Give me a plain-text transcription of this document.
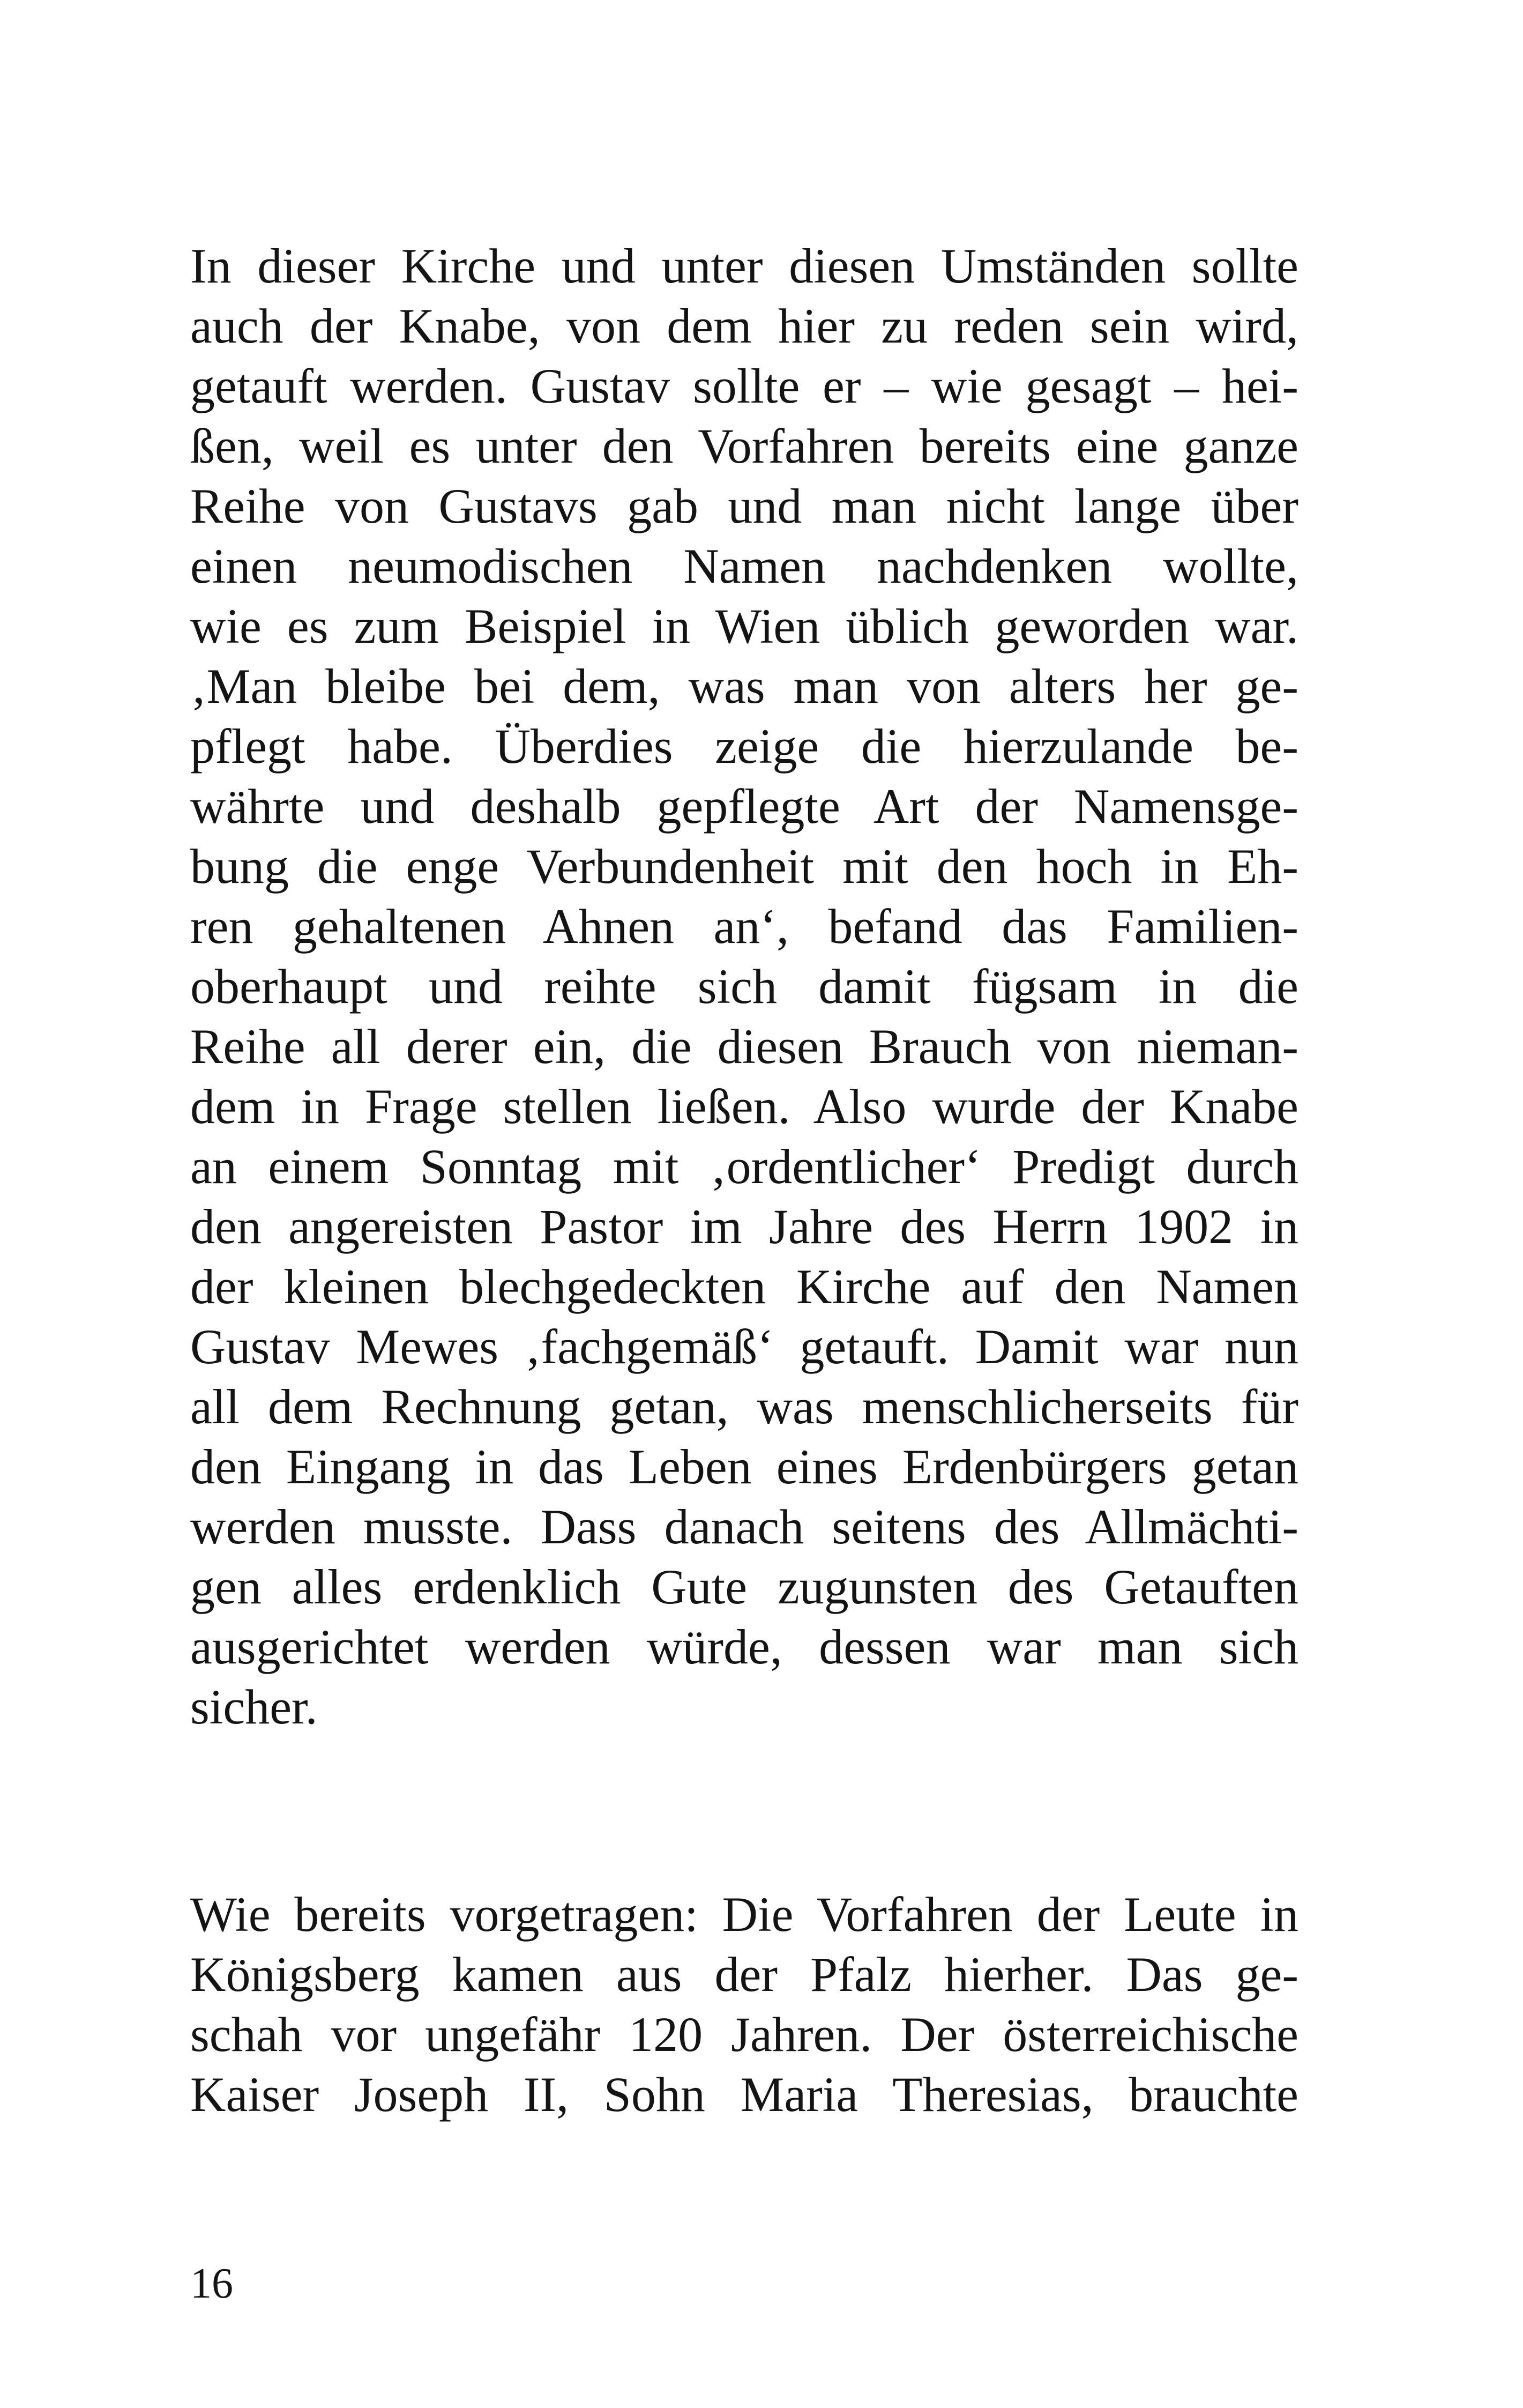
In dieser Kirche und unter diesen Umständen sollte
auch der Knabe, von dem hier zu reden sein wird,
getauft werden. Gustav sollte er – wie gesagt – hei-
ßen, weil es unter den Vorfahren bereits eine ganze
Reihe von Gustavs gab und man nicht lange über
einen neumodischen Namen nachdenken wollte,
wie es zum Beispiel in Wien üblich geworden war.
‚Man bleibe bei dem, was man von alters her ge-
pflegt habe. Überdies zeige die hierzulande be-
währte und deshalb gepflegte Art der Namensge-
bung die enge Verbundenheit mit den hoch in Eh-
ren gehaltenen Ahnen an‘, befand das Familien-
oberhaupt und reihte sich damit fügsam in die
Reihe all derer ein, die diesen Brauch von nieman-
dem in Frage stellen ließen. Also wurde der Knabe
an einem Sonntag mit ‚ordentlicher‘ Predigt durch
den angereisten Pastor im Jahre des Herrn 1902 in
der kleinen blechgedeckten Kirche auf den Namen
Gustav Mewes ‚fachgemäß‘ getauft. Damit war nun
all dem Rechnung getan, was menschlicherseits für
den Eingang in das Leben eines Erdenbürgers getan
werden musste. Dass danach seitens des Allmächti-
gen alles erdenklich Gute zugunsten des Getauften
ausgerichtet werden würde, dessen war man sich
sicher.
Wie bereits vorgetragen: Die Vorfahren der Leute in
Königsberg kamen aus der Pfalz hierher. Das ge-
schah vor ungefähr 120 Jahren. Der österreichische
Kaiser Joseph II, Sohn Maria Theresias, brauchte
16
